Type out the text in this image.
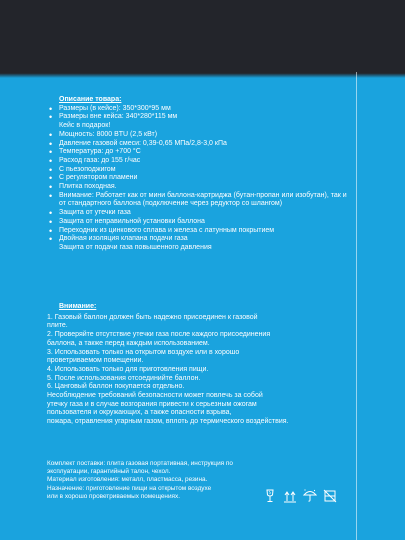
Описание товара:
• Размеры (в кейсе): 350*300*95 мм
• Размеры вне кейса: 340*280*115 мм
Кейс в подарок!
• Мощность: 8000 BTU (2,5 кВт)
• Давление газовой смеси: 0,39-0,65 МПа/2,8-3,0 кПа
• Температура: до +700 °С
• Расход газа: до 155 г/час
• С пьезоподжигом
• С регулятором пламени
• Плитка походная.
• Внимание: Работает как от мини баллона-картриджа (бутан-пропан или изобутан), так и от стандартного баллона (подключение через редуктор со шлангом)
• Защита от утечки газа
• Защита от неправильной установки баллона
• Переходник из цинкового сплава и железа с латунным покрытием
• Двойная изоляция клапана подачи газа
Защита от подачи газа повышенного давления
Внимание:
1. Газовый баллон должен быть надежно присоединен к газовой
плите.
2. Проверяйте отсутствие утечки газа после каждого присоединения
баллона, а также перед каждым использованием.
3. Использовать только на открытом воздухе или в хорошо
проветриваемом помещении.
4. Использовать только для приготовления пищи.
5. После использования отсоединийте баллон.
6. Цанговый баллон покупается отдельно.
Несоблюдение требований безопасности может повлечь за собой
утечку газа и в случае возгорания привести к серьезным ожогам
пользователя и окружающих, а также опасности взрыва,
пожара, отравления угарным газом, вплоть до термического воздействия.
Комплект поставки: плита газовая портативная, инструкция по
эксплуатации, гарантийный талон, чехол.
Материал изготовления: металл, пластмасса, резина.
Назначение: приготовление пищи на открытом воздухе
или в хорошо проветриваемых помещениях.
